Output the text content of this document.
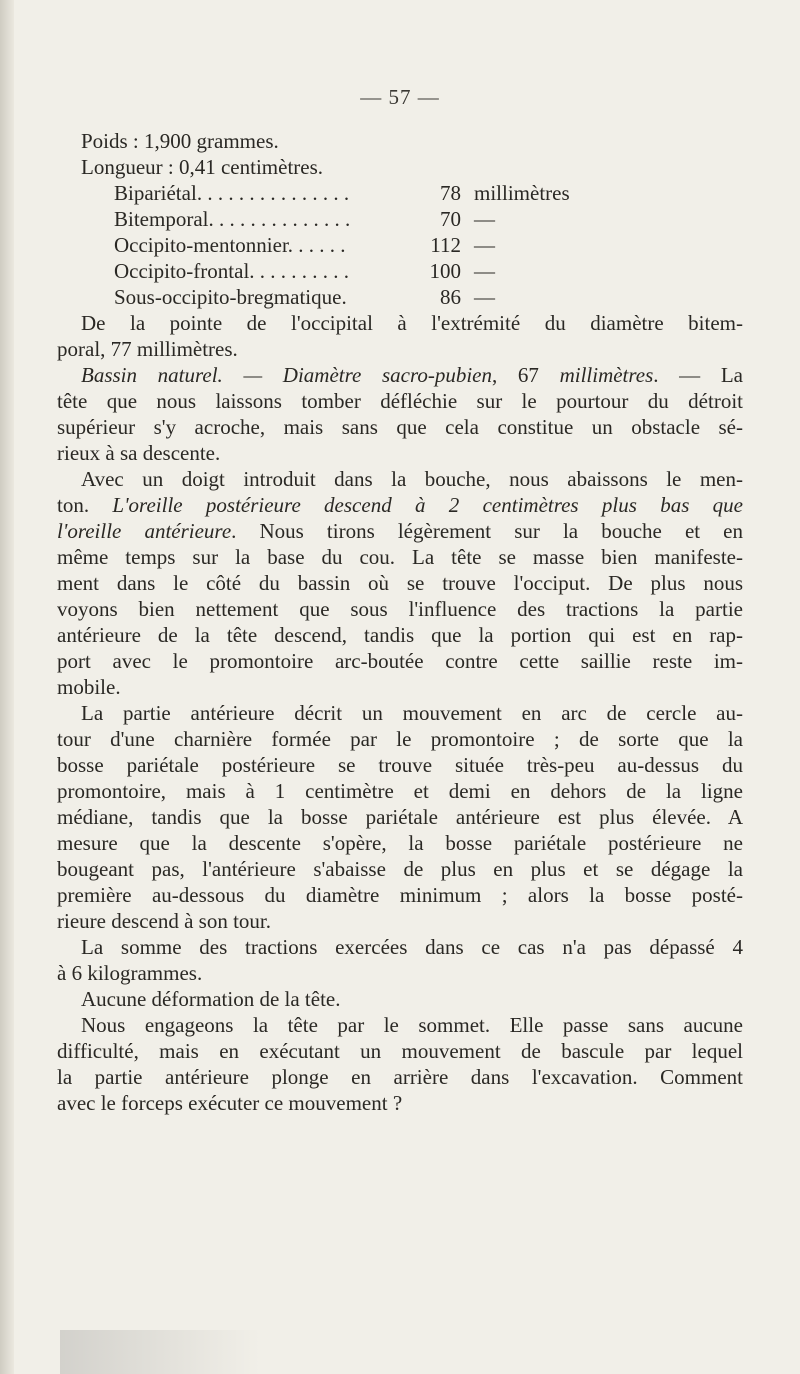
— 57 —
Poids : 1,900 grammes.
Longueur : 0,41 centimètres.
Bipariétal. . . . . . . . . . . . . . .	78 millimètres
Bitemporal. . . . . . . . . . . . . .	70 —
Occipito-mentonnier. . . . . .	112 —
Occipito-frontal. . . . . . . . . .	100 —
Sous-occipito-bregmatique.	86 —
De la pointe de l'occipital à l'extrémité du diamètre bitem-
poral, 77 millimètres.
Bassin naturel. — Diamètre sacro-pubien, 67 millimètres. — La
tête que nous laissons tomber défléchie sur le pourtour du détroit
supérieur s'y acroche, mais sans que cela constitue un obstacle sé-
rieux à sa descente.
Avec un doigt introduit dans la bouche, nous abaissons le men-
ton. L'oreille postérieure descend à 2 centimètres plus bas que
l'oreille antérieure. Nous tirons légèrement sur la bouche et en
même temps sur la base du cou. La tête se masse bien manifeste-
ment dans le côté du bassin où se trouve l'occiput. De plus nous
voyons bien nettement que sous l'influence des tractions la partie
antérieure de la tête descend, tandis que la portion qui est en rap-
port avec le promontoire arc-boutée contre cette saillie reste im-
mobile.
La partie antérieure décrit un mouvement en arc de cercle au-
tour d'une charnière formée par le promontoire ; de sorte que la
bosse pariétale postérieure se trouve située très-peu au-dessus du
promontoire, mais à 1 centimètre et demi en dehors de la ligne
médiane, tandis que la bosse pariétale antérieure est plus élevée. A
mesure que la descente s'opère, la bosse pariétale postérieure ne
bougeant pas, l'antérieure s'abaisse de plus en plus et se dégage la
première au-dessous du diamètre minimum ; alors la bosse posté-
rieure descend à son tour.
La somme des tractions exercées dans ce cas n'a pas dépassé 4
à 6 kilogrammes.
Aucune déformation de la tête.
Nous engageons la tête par le sommet. Elle passe sans aucune
difficulté, mais en exécutant un mouvement de bascule par lequel
la partie antérieure plonge en arrière dans l'excavation. Comment
avec le forceps exécuter ce mouvement ?
